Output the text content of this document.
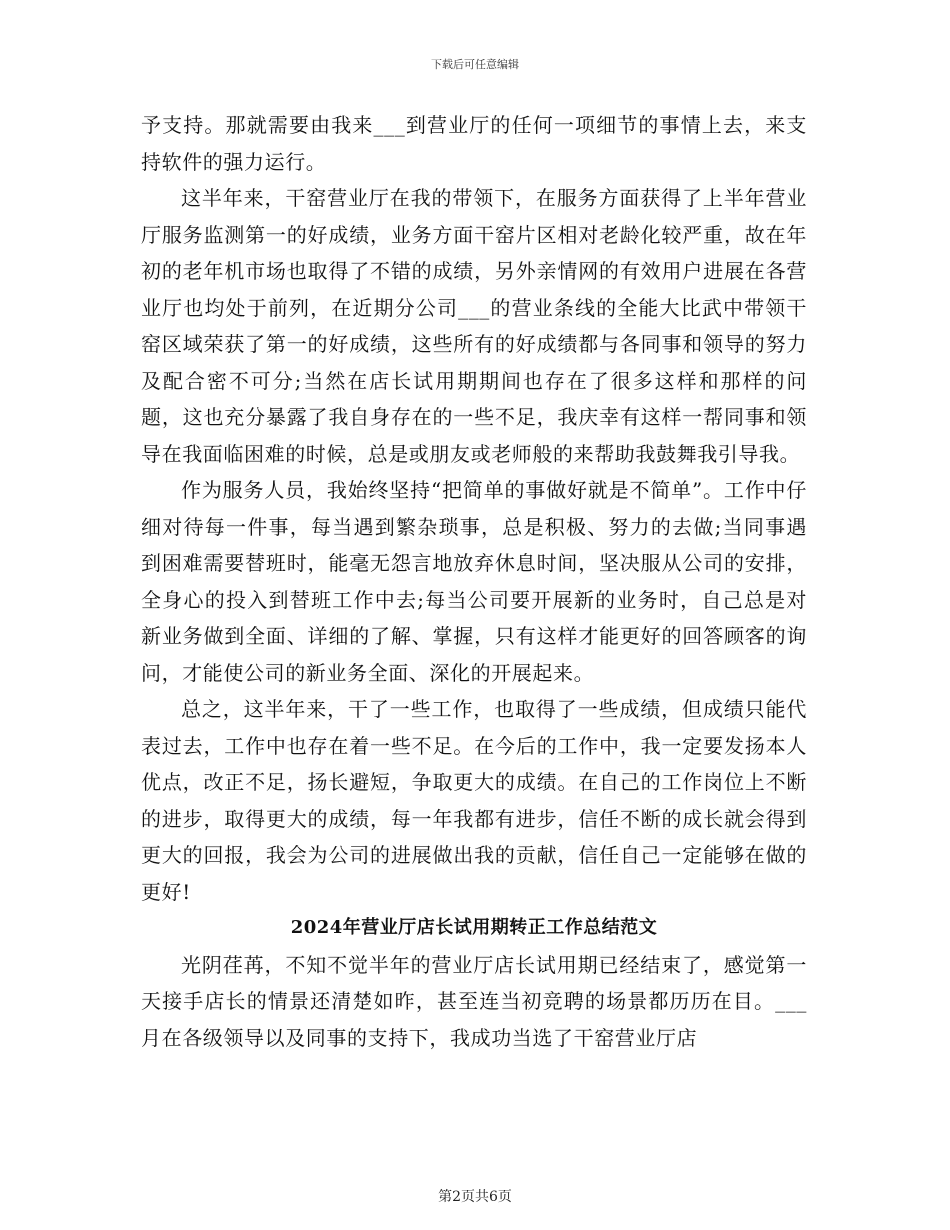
下载后可任意编辑

予支持。那就需要由我来___到营业厅的任何一项细节的事情上去，来支持软件的强力运行。

这半年来，干窑营业厅在我的带领下，在服务方面获得了上半年营业厅服务监测第一的好成绩，业务方面干窑片区相对老龄化较严重，故在年初的老年机市场也取得了不错的成绩，另外亲情网的有效用户进展在各营业厅也均处于前列，在近期分公司___的营业条线的全能大比武中带领干窑区域荣获了第一的好成绩，这些所有的好成绩都与各同事和领导的努力及配合密不可分;当然在店长试用期期间也存在了很多这样和那样的问题，这也充分暴露了我自身存在的一些不足，我庆幸有这样一帮同事和领导在我面临困难的时候，总是或朋友或老师般的来帮助我鼓舞我引导我。

作为服务人员，我始终坚持“把简单的事做好就是不简单”。工作中仔细对待每一件事，每当遇到繁杂琐事，总是积极、努力的去做;当同事遇到困难需要替班时，能毫无怨言地放弃休息时间，坚决服从公司的安排，全身心的投入到替班工作中去;每当公司要开展新的业务时，自己总是对新业务做到全面、详细的了解、掌握，只有这样才能更好的回答顾客的询问，才能使公司的新业务全面、深化的开展起来。

总之，这半年来，干了一些工作，也取得了一些成绩，但成绩只能代表过去，工作中也存在着一些不足。在今后的工作中，我一定要发扬本人优点，改正不足，扬长避短，争取更大的成绩。在自己的工作岗位上不断的进步，取得更大的成绩，每一年我都有进步，信任不断的成长就会得到更大的回报，我会为公司的进展做出我的贡献，信任自己一定能够在做的更好!

2024年营业厅店长试用期转正工作总结范文

光阴荏苒，不知不觉半年的营业厅店长试用期已经结束了，感觉第一天接手店长的情景还清楚如昨，甚至连当初竞聘的场景都历历在目。___月在各级领导以及同事的支持下，我成功当选了干窑营业厅店

第2页共6页
